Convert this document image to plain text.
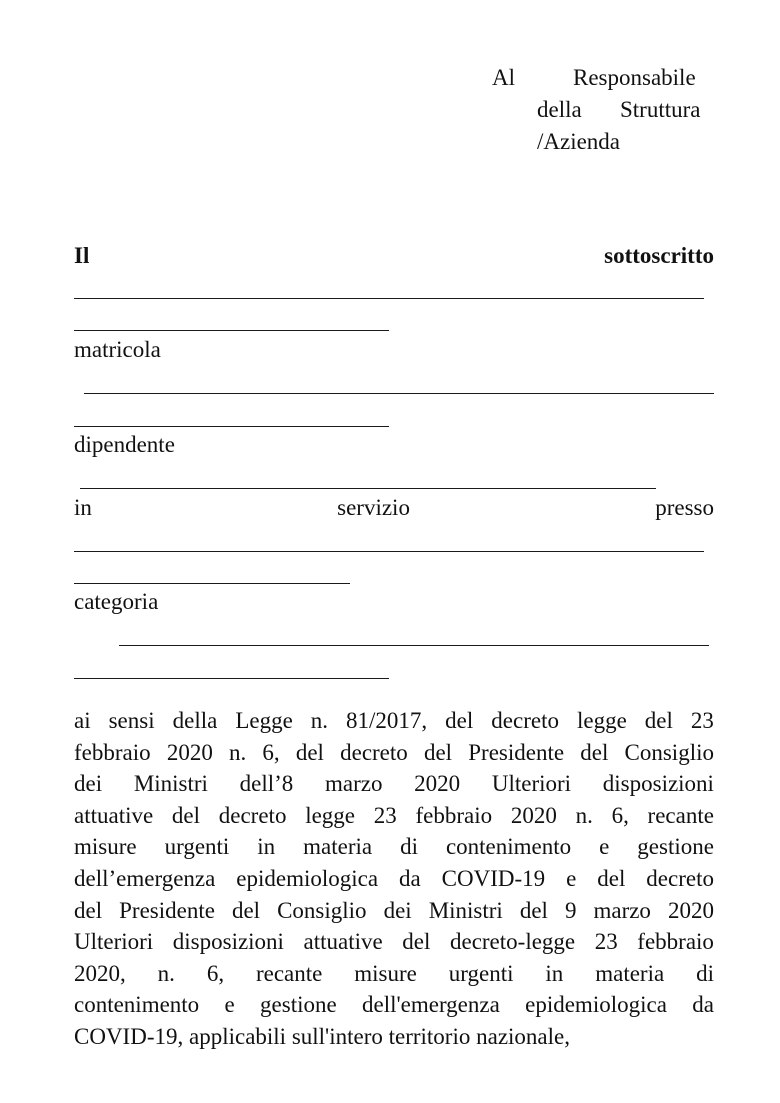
Al	Responsabile
della Struttura
/Azienda
Il	sottoscritto
matricola
dipendente
in	servizio	presso
categoria
ai sensi della Legge n. 81/2017, del decreto legge del 23
febbraio 2020 n. 6, del decreto del Presidente del Consiglio
dei Ministri dell’8 marzo 2020 Ulteriori disposizioni
attuative del decreto legge 23 febbraio 2020 n. 6, recante
misure urgenti in materia di contenimento e gestione
dell’emergenza epidemiologica da COVID-19 e del decreto
del Presidente del Consiglio dei Ministri del 9 marzo 2020
Ulteriori disposizioni attuative del decreto-legge 23 febbraio
2020, n. 6, recante misure urgenti in materia di
contenimento e gestione dell'emergenza epidemiologica da
COVID-19, applicabili sull'intero territorio nazionale,
